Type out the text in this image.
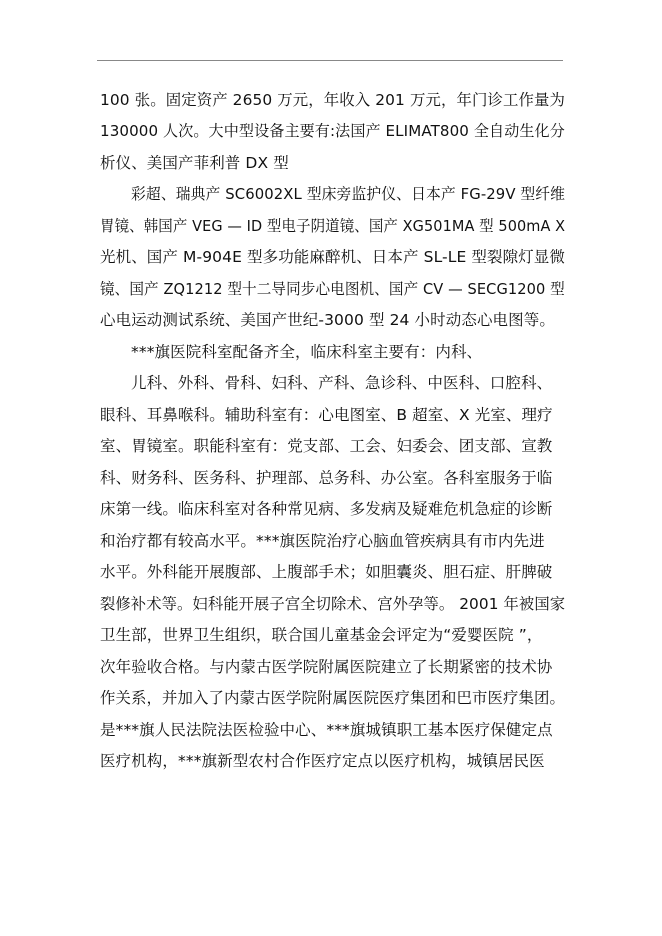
100 张。固定资产 2650 万元，年收入 201 万元，年门诊工作量为
130000 人次。大中型设备主要有:法国产 ELIMAT800 全自动生化分
析仪、美国产菲利普 DX 型
彩超、瑞典产 SC6002XL 型床旁监护仪、日本产 FG-29V 型纤维
胃镜、韩国产 VEG — ID 型电子阴道镜、国产 XG501MA 型 500mA X
光机、国产 M-904E 型多功能麻醉机、日本产 SL-LE 型裂隙灯显微
镜、国产 ZQ1212 型十二导同步心电图机、国产 CV — SECG1200 型
心电运动测试系统、美国产世纪-3000 型 24 小时动态心电图等。
***旗医院科室配备齐全，临床科室主要有：内科、
儿科、外科、骨科、妇科、产科、急诊科、中医科、口腔科、
眼科、耳鼻喉科。辅助科室有：心电图室、B 超室、X 光室、理疗
室、胃镜室。职能科室有：党支部、工会、妇委会、团支部、宣教
科、财务科、医务科、护理部、总务科、办公室。各科室服务于临
床第一线。临床科室对各种常见病、多发病及疑难危机急症的诊断
和治疗都有较高水平。***旗医院治疗心脑血管疾病具有市内先进
水平。外科能开展腹部、上腹部手术；如胆囊炎、胆石症、肝脾破
裂修补术等。妇科能开展子宫全切除术、宫外孕等。 2001 年被国家
卫生部，世界卫生组织，联合国儿童基金会评定为“爱婴医院 ”，
次年验收合格。与内蒙古医学院附属医院建立了长期紧密的技术协
作关系，并加入了内蒙古医学院附属医院医疗集团和巴市医疗集团。
是***旗人民法院法医检验中心、***旗城镇职工基本医疗保健定点
医疗机构，***旗新型农村合作医疗定点以医疗机构，城镇居民医
